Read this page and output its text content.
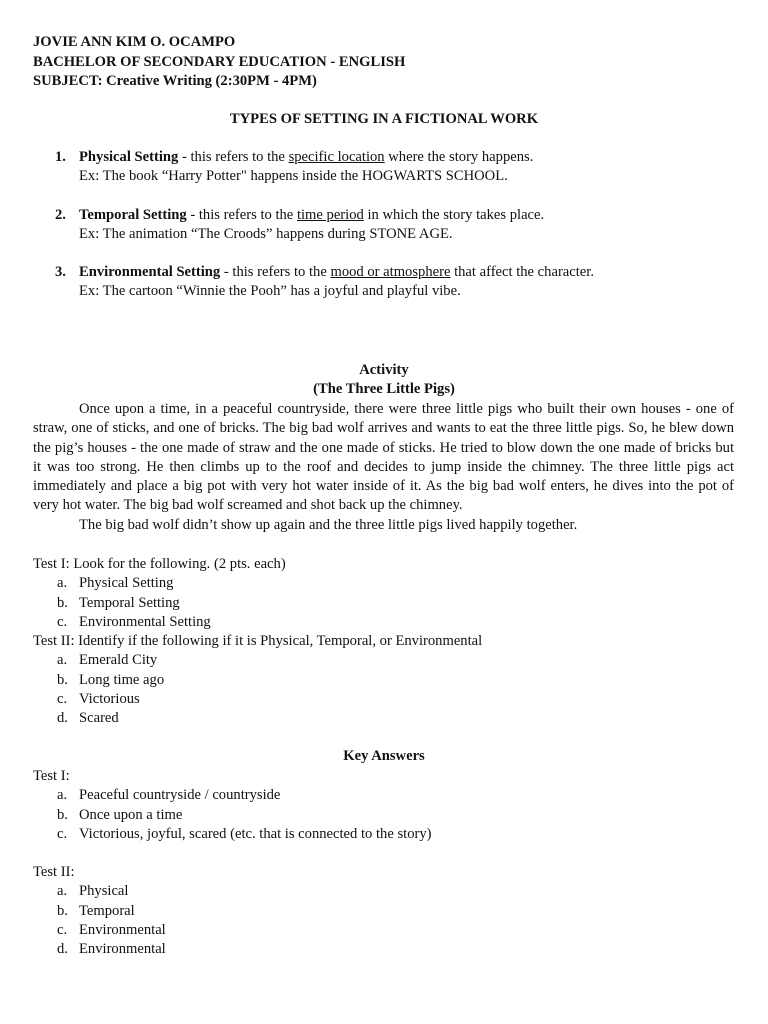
JOVIE ANN KIM O. OCAMPO
BACHELOR OF SECONDARY EDUCATION - ENGLISH
SUBJECT: Creative Writing (2:30PM - 4PM)
TYPES OF SETTING IN A FICTIONAL WORK
1. Physical Setting - this refers to the specific location where the story happens.
Ex: The book “Harry Potter" happens inside the HOGWARTS SCHOOL.
2. Temporal Setting - this refers to the time period in which the story takes place.
Ex: The animation “The Croods” happens during STONE AGE.
3. Environmental Setting - this refers to the mood or atmosphere that affect the character.
Ex: The cartoon “Winnie the Pooh” has a joyful and playful vibe.
Activity
(The Three Little Pigs)

Once upon a time, in a peaceful countryside, there were three little pigs who built their own houses - one of straw, one of sticks, and one of bricks. The big bad wolf arrives and wants to eat the three little pigs. So, he blew down the pig’s houses - the one made of straw and the one made of sticks. He tried to blow down the one made of bricks but it was too strong. He then climbs up to the roof and decides to jump inside the chimney. The three little pigs act immediately and place a big pot with very hot water inside of it. As the big bad wolf enters, he dives into the pot of very hot water. The big bad wolf screamed and shot back up the chimney.

The big bad wolf didn’t show up again and the three little pigs lived happily together.

Test I: Look for the following. (2 pts. each)
a. Physical Setting
b. Temporal Setting
c. Environmental Setting
Test II: Identify if the following if it is Physical, Temporal, or Environmental
a. Emerald City
b. Long time ago
c. Victorious
d. Scared
Key Answers
Test I:
a. Peaceful countryside / countryside
b. Once upon a time
c. Victorious, joyful, scared (etc. that is connected to the story)
Test II:
a. Physical
b. Temporal
c. Environmental
d. Environmental
